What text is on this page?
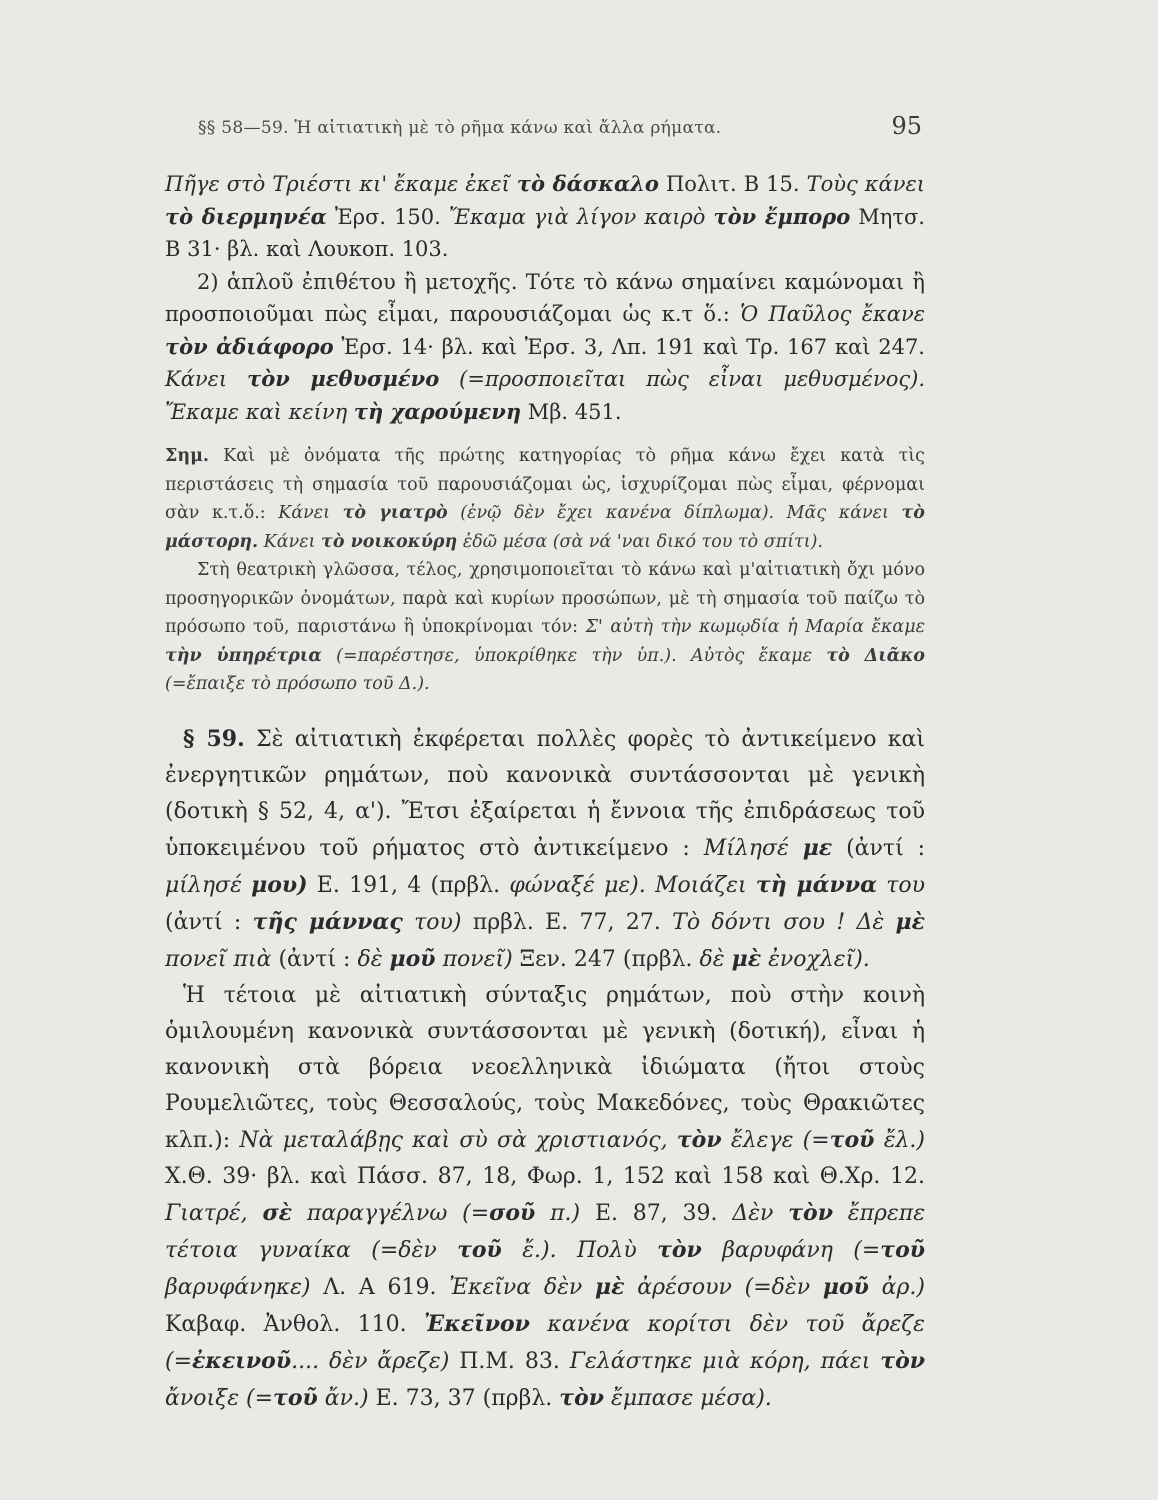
§§ 58—59. Ἡ αἰτιατικὴ μὲ τὸ ρῆμα κάνω καὶ ἄλλα ρήματα.	95

Πῆγε στὸ Τριέστι κι' ἔκαμε ἐκεῖ τὸ δάσκαλο Πολιτ. Β 15. Τοὺς κάνει τὸ διερμηνέα Ἐρσ. 150. Ἔκαμα γιὰ λίγον καιρὸ τὸν ἔμπορο Μητσ. Β 31· βλ. καὶ Λουκοπ. 103.

2) ἁπλοῦ ἐπιθέτου ἢ μετοχῆς. Τότε τὸ κάνω σημαίνει καμώνομαι ἢ προσποιοῦμαι πὼς εἶμαι, παρουσιάζομαι ὡς κ.τ ὅ.: Ὁ Παῦλος ἔκανε τὸν ἀδιάφορο Ἐρσ. 14· βλ. καὶ Ἐρσ. 3, Λπ. 191 καὶ Τρ. 167 καὶ 247. Κάνει τὸν μεθυσμένο (=προσποιεῖται πὼς εἶναι μεθυσμένος). Ἔκαμε καὶ κείνη τὴ χαρούμενη Μβ. 451.

Σημ. Καὶ μὲ ὀνόματα τῆς πρώτης κατηγορίας τὸ ρῆμα κάνω ἔχει κατὰ τὶς περιστάσεις τὴ σημασία τοῦ παρουσιάζομαι ὡς, ἰσχυρίζομαι πὼς εἶμαι, φέρνομαι σὰν κ.τ.ὅ.: Κάνει τὸ γιατρὸ (ἐνῷ δὲν ἔχει κανένα δίπλωμα). Μᾶς κάνει τὸ μάστορη. Κάνει τὸ νοικοκύρη ἐδῶ μέσα (σὰ νά 'ναι δικό του τὸ σπίτι).

Στὴ θεατρικὴ γλῶσσα, τέλος, χρησιμοποιεῖται τὸ κάνω καὶ μ'αἰτιατικὴ ὄχι μόνο προσηγορικῶν ὀνομάτων, παρὰ καὶ κυρίων προσώπων, μὲ τὴ σημασία τοῦ παίζω τὸ πρόσωπο τοῦ, παριστάνω ἢ ὑποκρίνομαι τόν: Σ' αὐτὴ τὴν κωμῳδία ἡ Μαρία ἔκαμε τὴν ὑπηρέτρια (=παρέστησε, ὑποκρίθηκε τὴν ὑπ.). Αὐτὸς ἔκαμε τὸ Διᾶκο (=ἔπαιξε τὸ πρόσωπο τοῦ Δ.).

§ 59. Σὲ αἰτιατικὴ ἐκφέρεται πολλὲς φορὲς τὸ ἀντικείμενο καὶ ἐνεργητικῶν ρημάτων, ποὺ κανονικὰ συντάσσονται μὲ γενικὴ (δοτικὴ § 52, 4, α'). Ἔτσι ἐξαίρεται ἡ ἔννοια τῆς ἐπιδράσεως τοῦ ὑποκειμένου τοῦ ρήματος στὸ ἀντικείμενο : Μίλησέ με (ἀντί : μίλησέ μου) Ε. 191, 4 (πρβλ. φώναξέ με). Μοιάζει τὴ μάννα του (ἀντί : τῆς μάννας του) πρβλ. Ε. 77, 27. Τὸ δόντι σου ! Δὲ μὲ πονεῖ πιὰ (ἀντί : δὲ μοῦ πονεῖ) Ξεν. 247 (πρβλ. δὲ μὲ ἐνοχλεῖ).

Ἡ τέτοια μὲ αἰτιατικὴ σύνταξις ρημάτων, ποὺ στὴν κοινὴ ὁμιλουμένη κανονικὰ συντάσσονται μὲ γενικὴ (δοτική), εἶναι ἡ κανονικὴ στὰ βόρεια νεοελληνικὰ ἰδιώματα (ἤτοι στοὺς Ρουμελιῶτες, τοὺς Θεσσαλούς, τοὺς Μακεδόνες, τοὺς Θρακιῶτες κλπ.): Νὰ μεταλάβῃς καὶ σὺ σὰ χριστιανός, τὸν ἔλεγε (=τοῦ ἔλ.) Χ.Θ. 39· βλ. καὶ Πάσσ. 87, 18, Φωρ. 1, 152 καὶ 158 καὶ Θ.Χρ. 12. Γιατρέ, σὲ παραγγέλνω (=σοῦ π.) Ε. 87, 39. Δὲν τὸν ἔπρεπε τέτοια γυναίκα (=δὲν τοῦ ἔ.). Πολὺ τὸν βαρυφάνη (=τοῦ βαρυφάνηκε) Λ. Α 619. Ἐκεῖνα δὲν μὲ ἀρέσουν (=δὲν μοῦ ἀρ.) Καβαφ. Ἀνθολ. 110. Ἐκεῖνον κανένα κορίτσι δὲν τοῦ ἄρεζε (=ἐκεινοῦ.... δὲν ἄρεζε) Π.Μ. 83. Γελάστηκε μιὰ κόρη, πάει τὸν ἄνοιξε (=τοῦ ἄν.) Ε. 73, 37 (πρβλ. τὸν ἔμπασε μέσα).
